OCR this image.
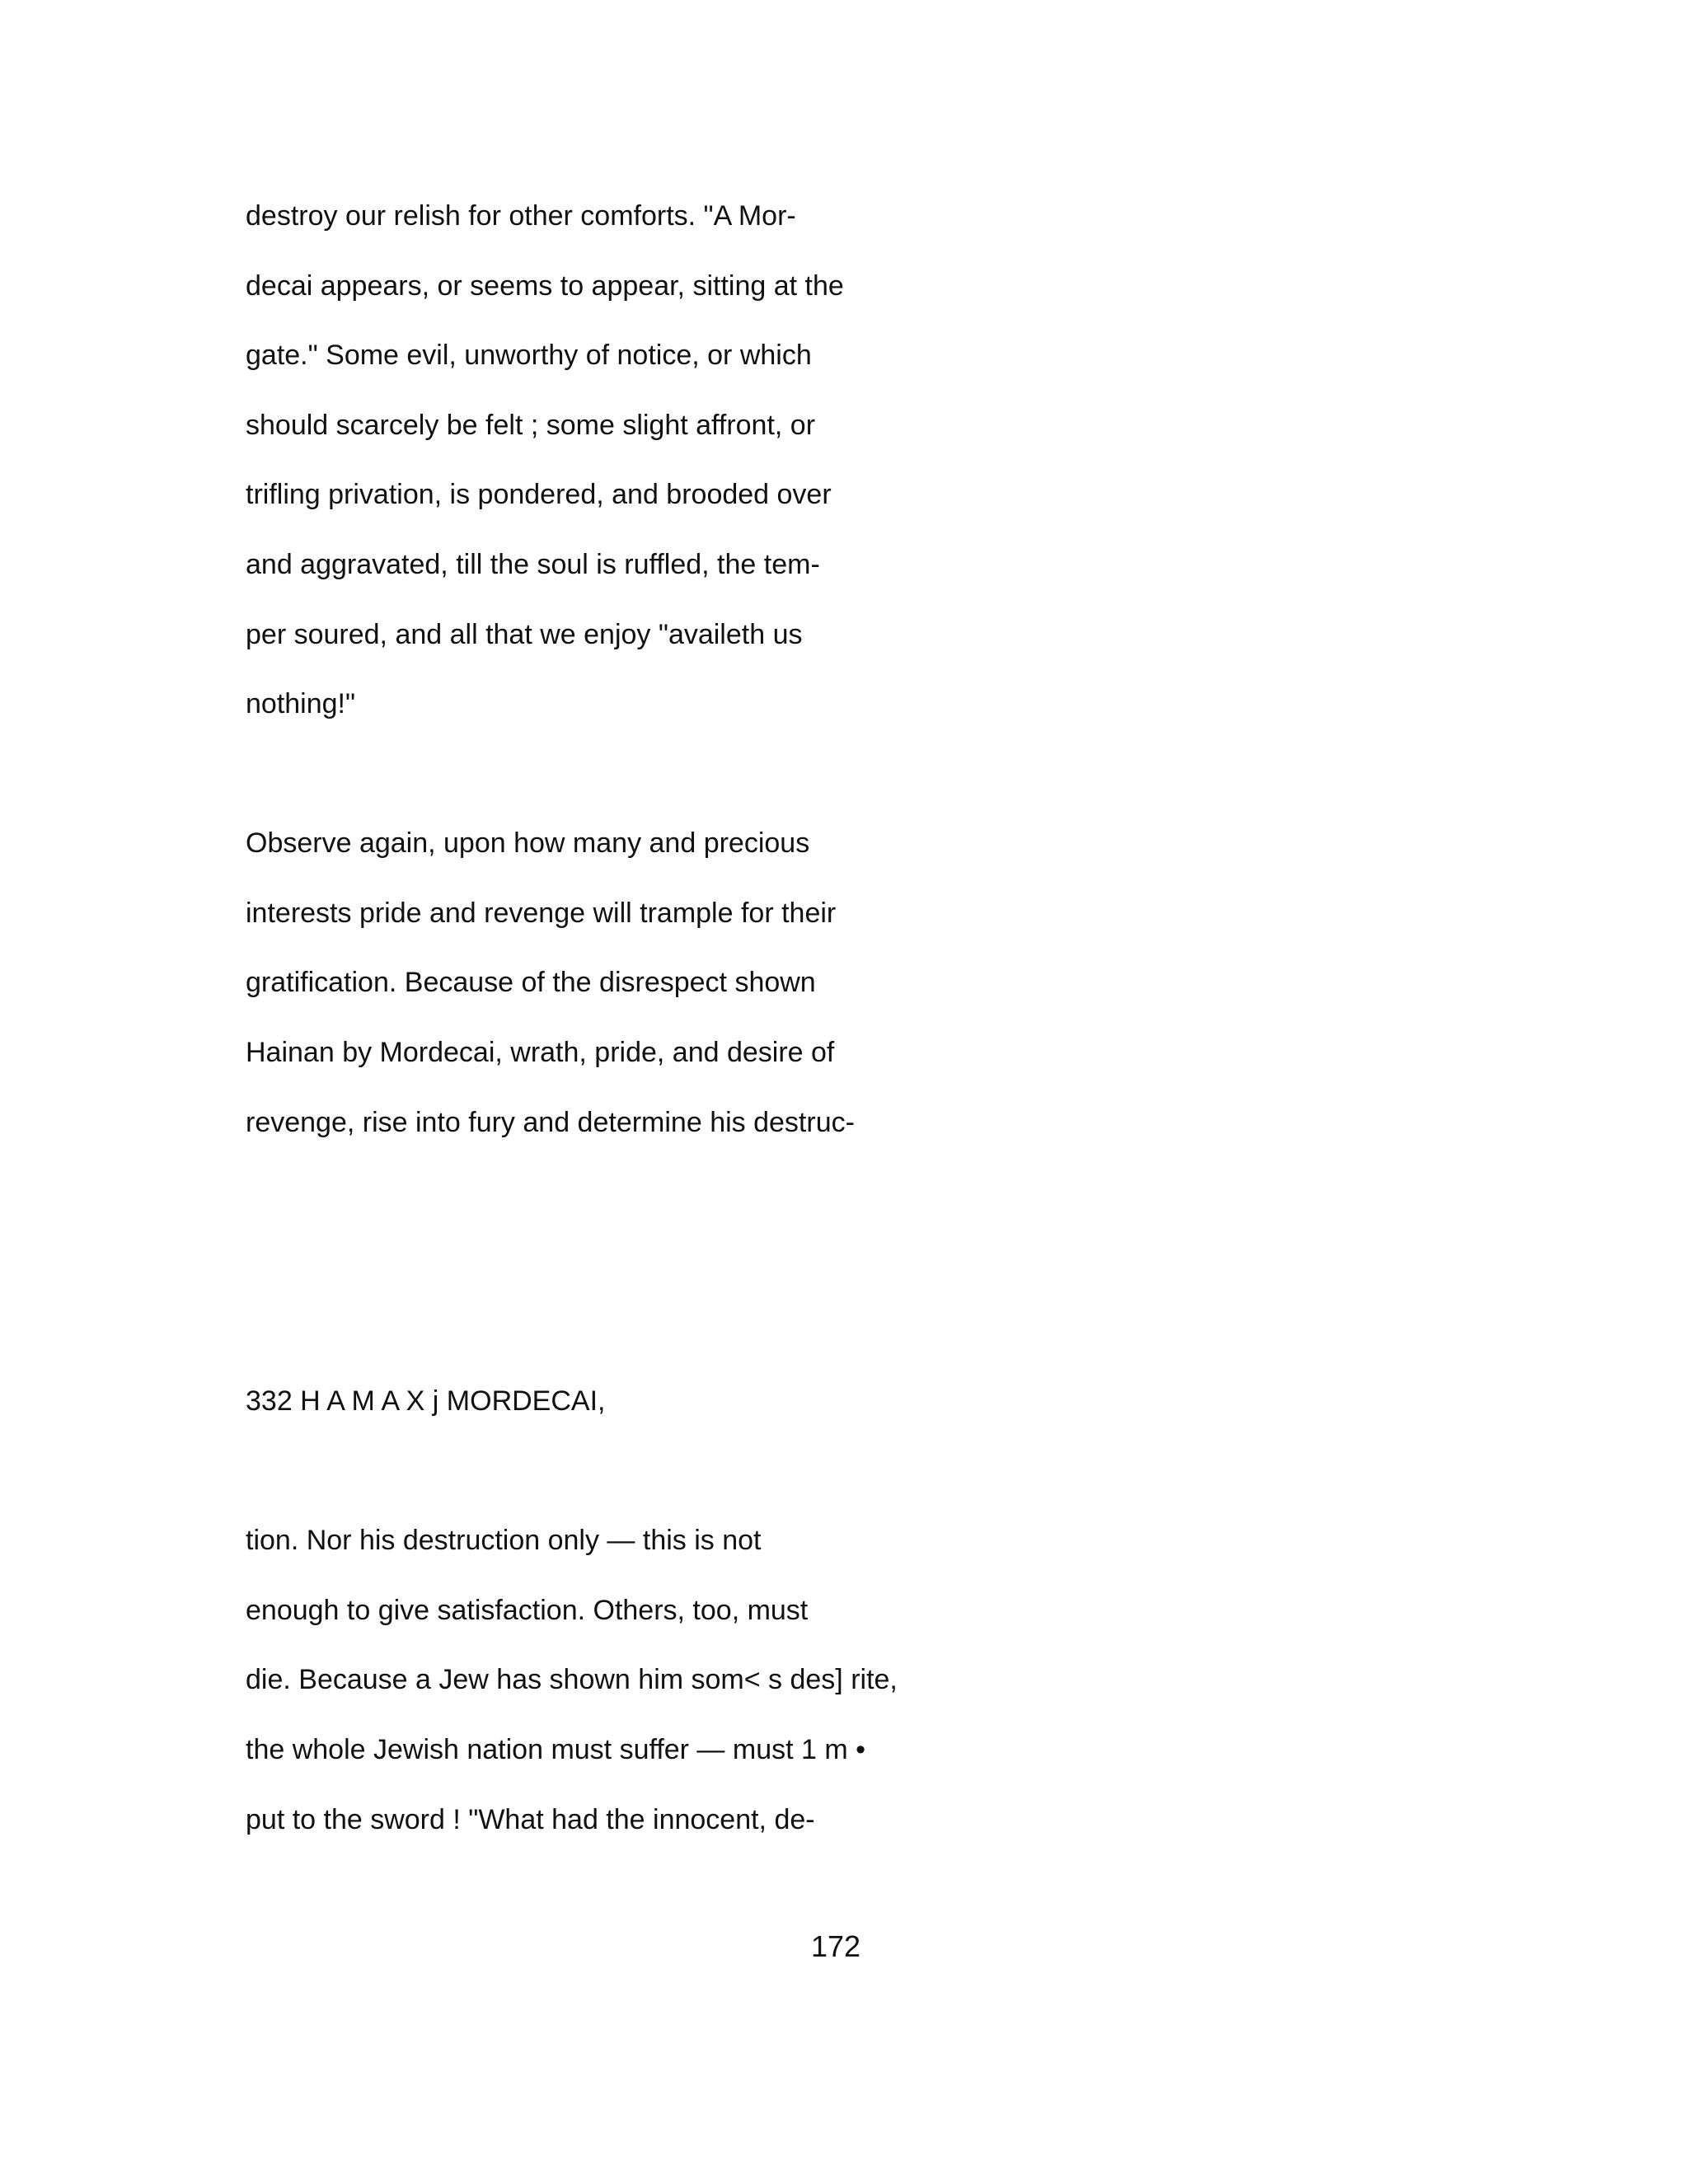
destroy our relish for other comforts. "A Mor-
decai appears, or seems to appear, sitting at the
gate." Some evil, unworthy of notice, or which
should scarcely be felt ; some slight affront, or
trifling privation, is pondered, and brooded over
and aggravated, till the soul is ruffled, the tem-
per soured, and all that we enjoy "availeth us
nothing!"
Observe again, upon how many and precious
interests pride and revenge will trample for their
gratification. Because of the disrespect shown
Hainan by Mordecai, wrath, pride, and desire of
revenge, rise into fury and determine his destruc-
332 H A M A X j MORDECAI,
tion. Nor his destruction only — this is not
enough to give satisfaction. Others, too, must
die. Because a Jew has shown him som< s des] rite,
the whole Jewish nation must suffer — must 1 m •
put to the sword ! "What had the innocent, de-
172
